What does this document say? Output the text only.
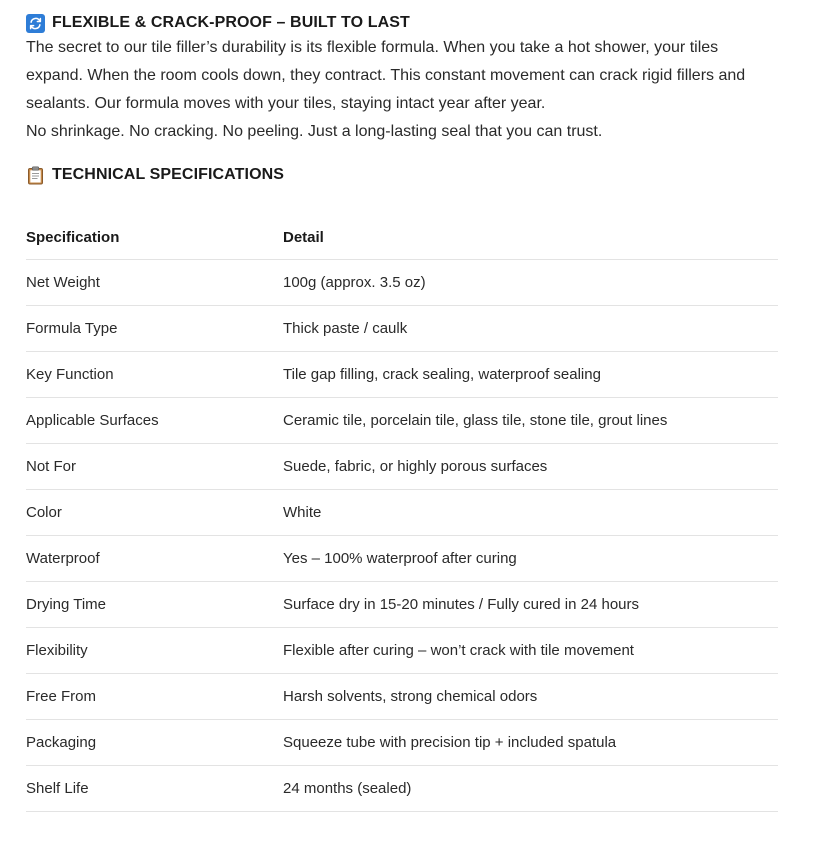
FLEXIBLE & CRACK-PROOF – BUILT TO LAST

The secret to our tile filler’s durability is its flexible formula. When you take a hot shower, your tiles expand. When the room cools down, they contract. This constant movement can crack rigid fillers and sealants. Our formula moves with your tiles, staying intact year after year.

No shrinkage. No cracking. No peeling. Just a long-lasting seal that you can trust.

TECHNICAL SPECIFICATIONS
Specification	Detail
Net Weight	100g (approx. 3.5 oz)
Formula Type	Thick paste / caulk
Key Function	Tile gap filling, crack sealing, waterproof sealing
Applicable Surfaces	Ceramic tile, porcelain tile, glass tile, stone tile, grout lines
Not For	Suede, fabric, or highly porous surfaces
Color	White
Waterproof	Yes – 100% waterproof after curing
Drying Time	Surface dry in 15-20 minutes / Fully cured in 24 hours
Flexibility	Flexible after curing – won’t crack with tile movement
Free From	Harsh solvents, strong chemical odors
Packaging	Squeeze tube with precision tip + included spatula
Shelf Life	24 months (sealed)
